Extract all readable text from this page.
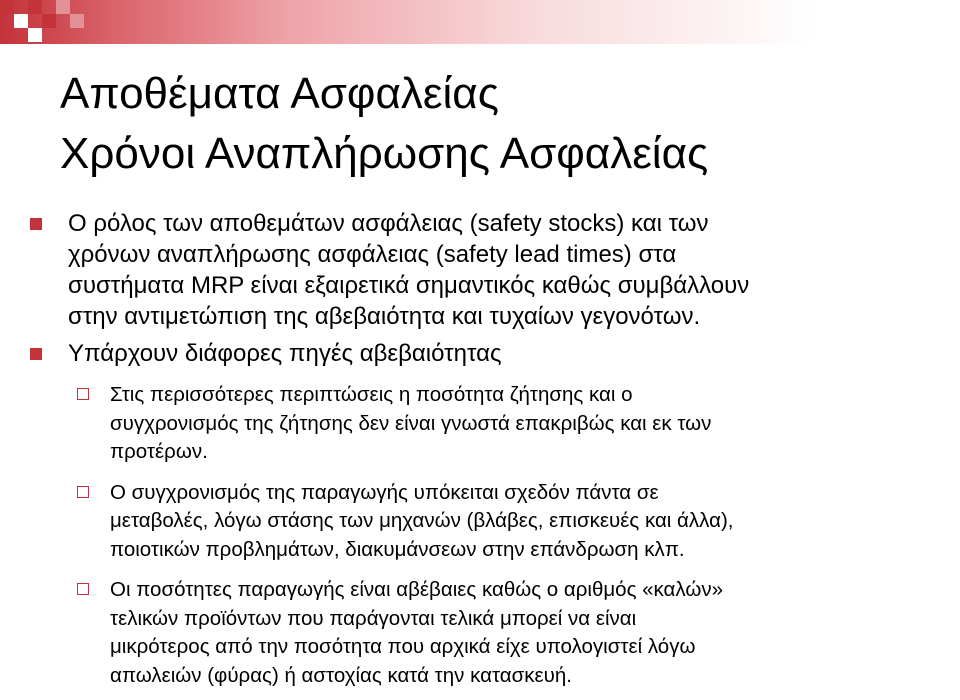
Αποθέματα Ασφαλείας
Χρόνοι Αναπλήρωσης Ασφαλείας
Ο ρόλος των αποθεμάτων ασφάλειας (safety stocks) και των
χρόνων αναπλήρωσης ασφάλειας (safety lead times) στα
συστήματα MRP είναι εξαιρετικά σημαντικός καθώς συμβάλλουν
στην αντιμετώπιση της αβεβαιότητα και τυχαίων γεγονότων.
Υπάρχουν διάφορες πηγές αβεβαιότητας
Στις περισσότερες περιπτώσεις η ποσότητα ζήτησης και ο
συγχρονισμός της ζήτησης δεν είναι γνωστά επακριβώς και εκ των
προτέρων.
Ο συγχρονισμός της παραγωγής υπόκειται σχεδόν πάντα σε
μεταβολές, λόγω στάσης των μηχανών (βλάβες, επισκευές και άλλα),
ποιοτικών προβλημάτων, διακυμάνσεων στην επάνδρωση κλπ.
Οι ποσότητες παραγωγής είναι αβέβαιες καθώς ο αριθμός «καλών»
τελικών προϊόντων που παράγονται τελικά μπορεί να είναι
μικρότερος από την ποσότητα που αρχικά είχε υπολογιστεί λόγω
απωλειών (φύρας) ή αστοχίας κατά την κατασκευή.
